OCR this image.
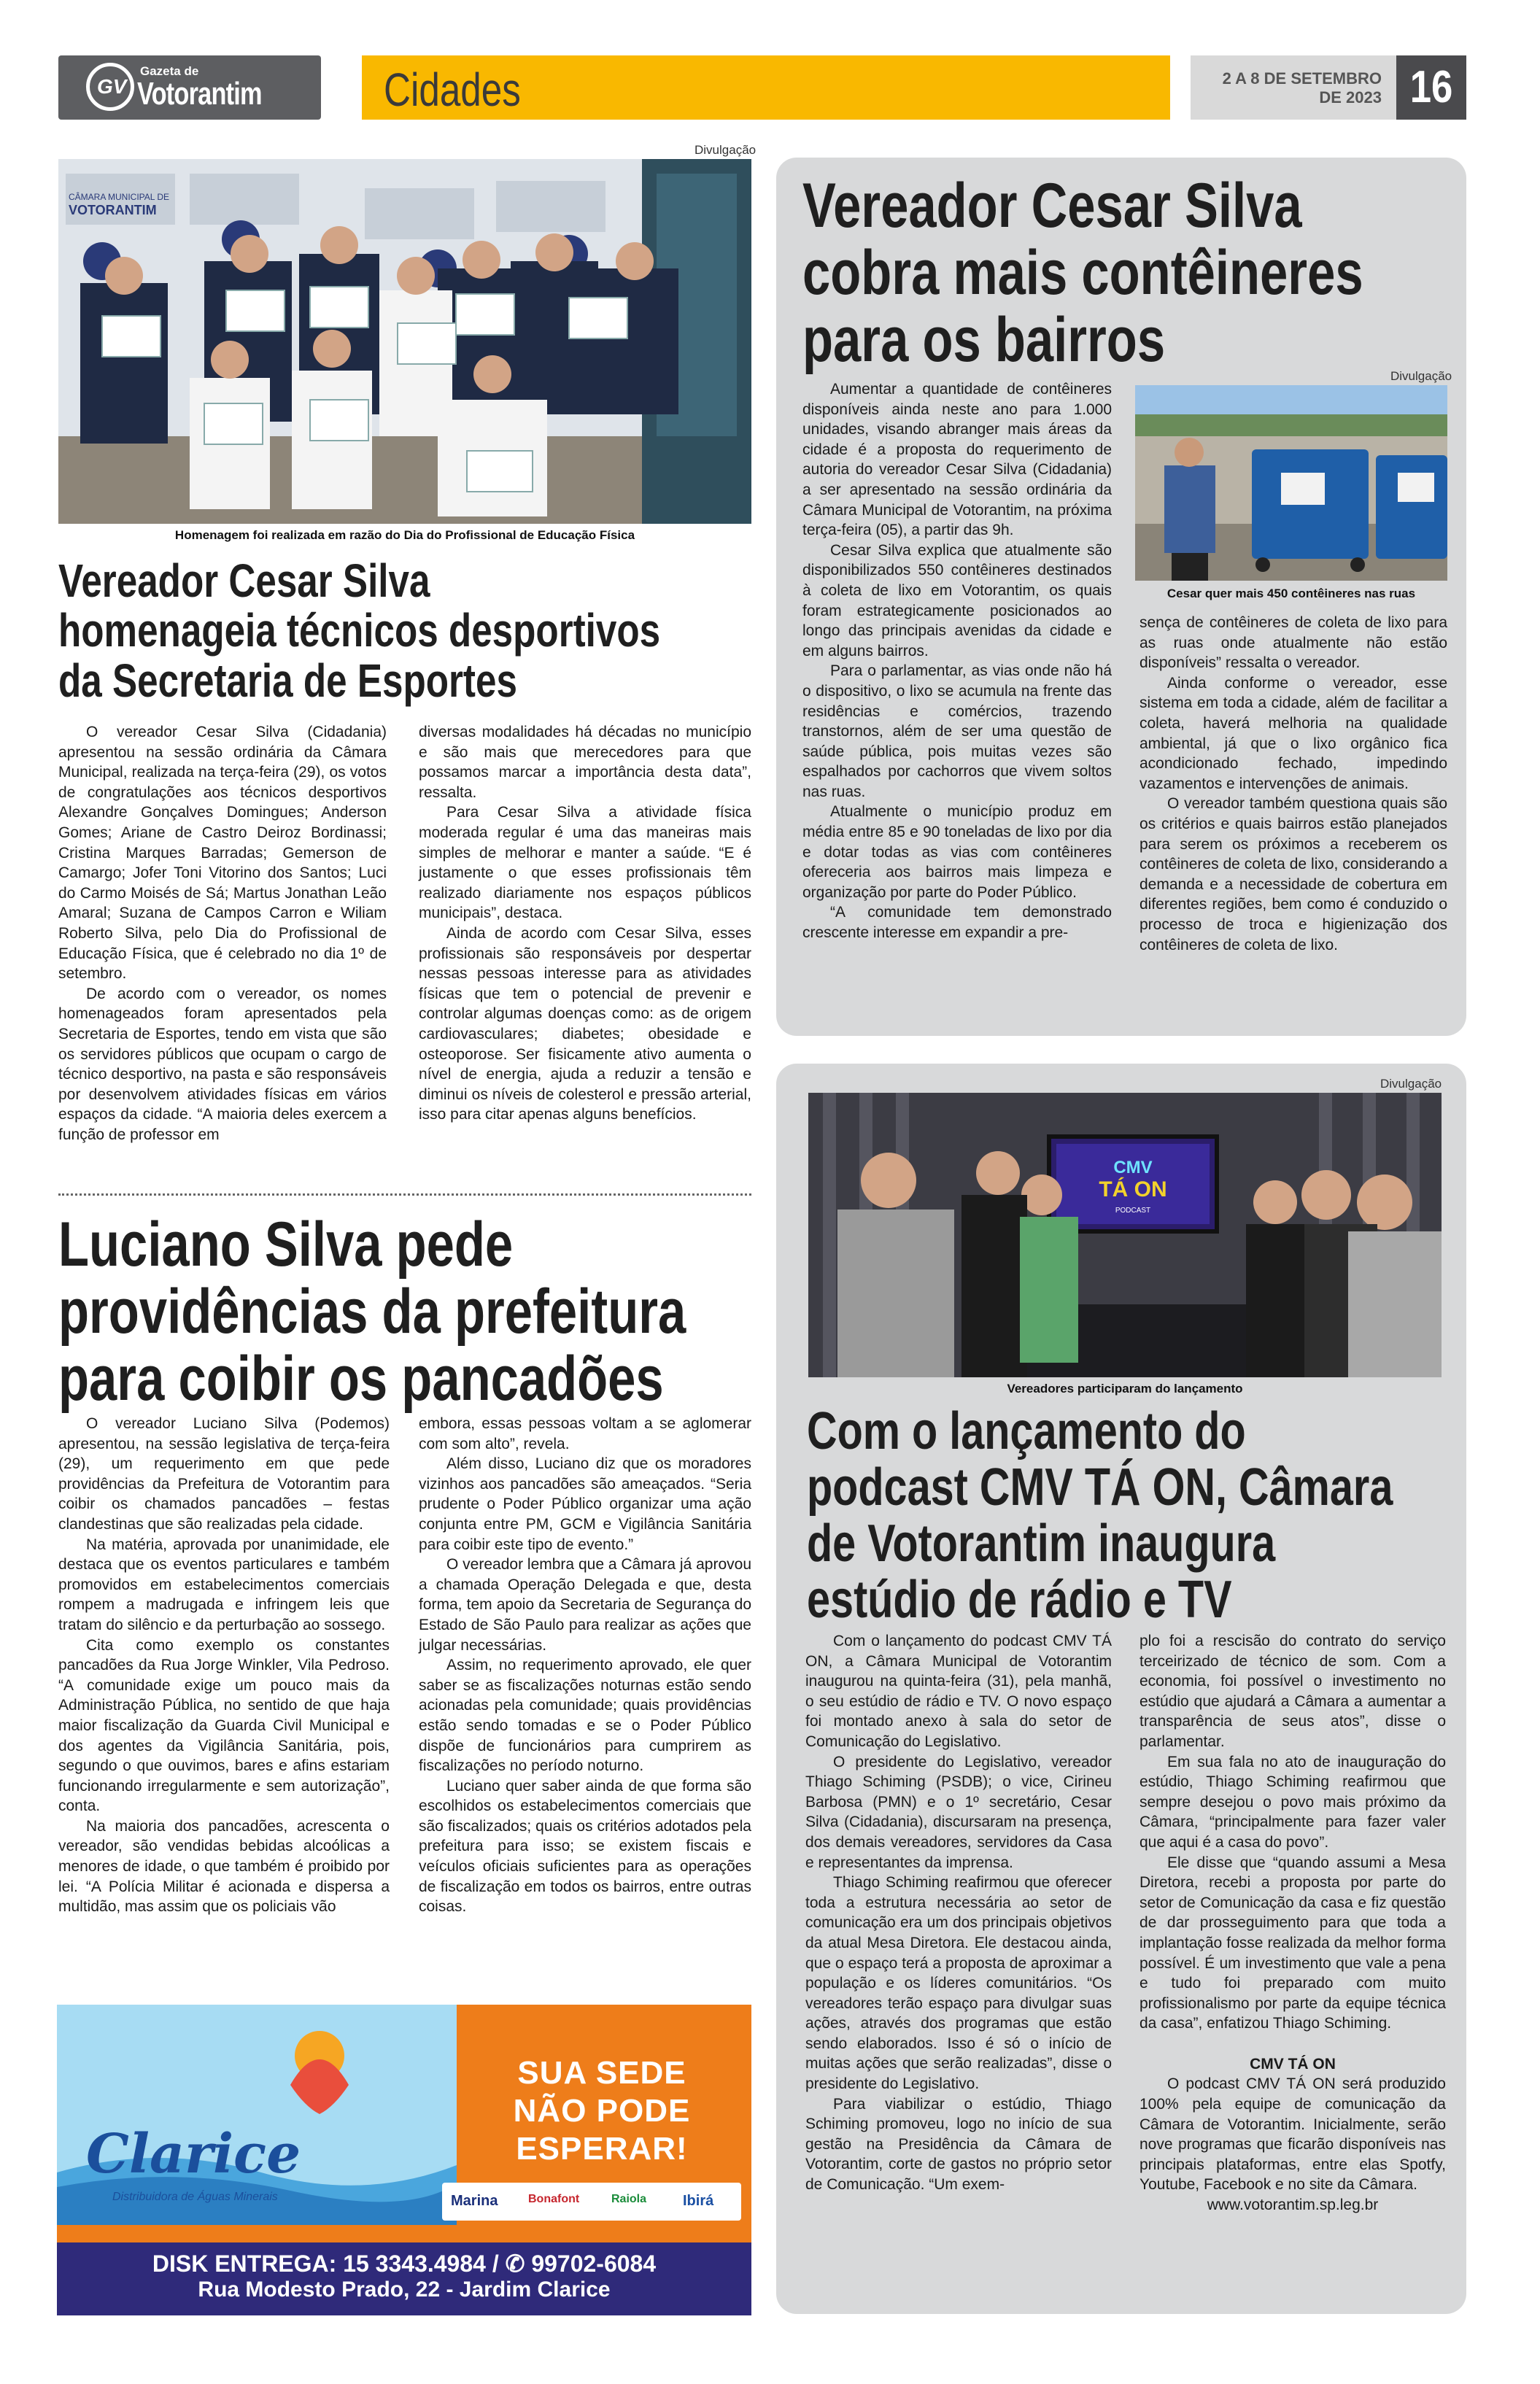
GV
Gazeta de
Votorantim	Cidades	2 A 8 DE SETEMBRO
DE 2023 16
Divulgação
CÂMARA MUNICIPAL DE
VOTORANTIM
Homenagem foi realizada em razão do Dia do Profissional de Educação Física
Vereador Cesar Silva
homenageia técnicos desportivos
da Secretaria de Esportes

O vereador Cesar Silva (Cidadania) apresentou na sessão ordinária da Câmara Municipal, realizada na terça-feira (29), os votos de congratulações aos técnicos desportivos Alexandre Gonçalves Domingues; Anderson Gomes; Ariane de Castro Deiroz Bordinassi; Cristina Marques Barradas; Gemerson de Camargo; Jofer Toni Vitorino dos Santos; Luci do Carmo Moisés de Sá; Martus Jonathan Leão Amaral; Suzana de Campos Carron e Wiliam Roberto Silva, pelo Dia do Profissional de Educação Física, que é celebrado no dia 1º de setembro.

De acordo com o vereador, os nomes homenageados foram apresentados pela Secretaria de Esportes, tendo em vista que são os servidores públicos que ocupam o cargo de técnico desportivo, na pasta e são responsáveis por desenvolvem atividades físicas em vários espaços da cidade. “A maioria deles exercem a função de professor em

diversas modalidades há décadas no município e são mais que merecedores para que possamos marcar a importância desta data”, ressalta.

Para Cesar Silva a atividade física moderada regular é uma das maneiras mais simples de melhorar e manter a saúde. “E é justamente o que esses profissionais têm realizado diariamente nos espaços públicos municipais”, destaca.

Ainda de acordo com Cesar Silva, esses profissionais são responsáveis por despertar nessas pessoas interesse para as atividades físicas que tem o potencial de prevenir e controlar algumas doenças como: as de origem cardiovasculares; diabetes; obesidade e osteoporose. Ser fisicamente ativo aumenta o nível de energia, ajuda a reduzir a tensão e diminui os níveis de colesterol e pressão arterial, isso para citar apenas alguns benefícios.

Vereador Cesar Silva
cobra mais contêineres
para os bairros

Aumentar a quantidade de contêineres disponíveis ainda neste ano para 1.000 unidades, visando abranger mais áreas da cidade é a proposta do requerimento de autoria do vereador Cesar Silva (Cidadania) a ser apresentado na sessão ordinária da Câmara Municipal de Votorantim, na próxima terça-feira (05), a partir das 9h.

Cesar Silva explica que atualmente são disponibilizados 550 contêineres destinados à coleta de lixo em Votorantim, os quais foram estrategicamente posicionados ao longo das principais avenidas da cidade e em alguns bairros.

Para o parlamentar, as vias onde não há o dispositivo, o lixo se acumula na frente das residências e comércios, trazendo transtornos, além de ser uma questão de saúde pública, pois muitas vezes são espalhados por cachorros que vivem soltos nas ruas.

Atualmente o município produz em média entre 85 e 90 toneladas de lixo por dia e dotar todas as vias com contêineres ofereceria aos bairros mais limpeza e organização por parte do Poder Público.

“A comunidade tem demonstrado crescente interesse em expandir a pre-

Divulgação
Cesar quer mais 450 contêineres nas ruas

sença de contêineres de coleta de lixo para as ruas onde atualmente não estão disponíveis” ressalta o vereador.

Ainda conforme o vereador, esse sistema em toda a cidade, além de facilitar a coleta, haverá melhoria na qualidade ambiental, já que o lixo orgânico fica acondicionado fechado, impedindo vazamentos e intervenções de animais.

O vereador também questiona quais são os critérios e quais bairros estão planejados para serem os próximos a receberem os contêineres de coleta de lixo, considerando a demanda e a necessidade de cobertura em diferentes regiões, bem como é conduzido o processo de troca e higienização dos contêineres de coleta de lixo.

Luciano Silva pede
providências da prefeitura
para coibir os pancadões

O vereador Luciano Silva (Podemos) apresentou, na sessão legislativa de terça-feira (29), um requerimento em que pede providências da Prefeitura de Votorantim para coibir os chamados pancadões – festas clandestinas que são realizadas pela cidade.

Na matéria, aprovada por unanimidade, ele destaca que os eventos particulares e também promovidos em estabelecimentos comerciais rompem a madrugada e infringem leis que tratam do silêncio e da perturbação ao sossego.

Cita como exemplo os constantes pancadões da Rua Jorge Winkler, Vila Pedroso. “A comunidade exige um pouco mais da Administração Pública, no sentido de que haja maior fiscalização da Guarda Civil Municipal e dos agentes da Vigilância Sanitária, pois, segundo o que ouvimos, bares e afins estariam funcionando irregularmente e sem autorização”, conta.

Na maioria dos pancadões, acrescenta o vereador, são vendidas bebidas alcoólicas a menores de idade, o que também é proibido por lei. “A Polícia Militar é acionada e dispersa a multidão, mas assim que os policiais vão

embora, essas pessoas voltam a se aglomerar com som alto”, revela.

Além disso, Luciano diz que os moradores vizinhos aos pancadões são ameaçados. “Seria prudente o Poder Público organizar uma ação conjunta entre PM, GCM e Vigilância Sanitária para coibir este tipo de evento.”

O vereador lembra que a Câmara já aprovou a chamada Operação Delegada e que, desta forma, tem apoio da Secretaria de Segurança do Estado de São Paulo para realizar as ações que julgar necessárias.

Assim, no requerimento aprovado, ele quer saber se as fiscalizações noturnas estão sendo acionadas pela comunidade; quais providências estão sendo tomadas e se o Poder Público dispõe de funcionários para cumprirem as fiscalizações no período noturno.

Luciano quer saber ainda de que forma são escolhidos os estabelecimentos comerciais que são fiscalizados; quais os critérios adotados pela prefeitura para isso; se existem fiscais e veículos oficiais suficientes para as operações de fiscalização em todos os bairros, entre outras coisas.

Clarice
Distribuidora de Águas Minerais
SUA SEDE
NÃO PODE
ESPERAR!
Marina	Bonafont	Raiola Ibirá
DISK ENTREGA: 15 3343.4984 / ✆ 99702-6084
Rua Modesto Prado, 22 - Jardim Clarice
Divulgação
CMV
TÁ ON
PODCAST
Vereadores participaram do lançamento
Com o lançamento do
podcast CMV TÁ ON, Câmara
de Votorantim inaugura
estúdio de rádio e TV

Com o lançamento do podcast CMV TÁ ON, a Câmara Municipal de Votorantim inaugurou na quinta-feira (31), pela manhã, o seu estúdio de rádio e TV. O novo espaço foi montado anexo à sala do setor de Comunicação do Legislativo.

O presidente do Legislativo, vereador Thiago Schiming (PSDB); o vice, Cirineu Barbosa (PMN) e o 1º secretário, Cesar Silva (Cidadania), discursaram na presença, dos demais vereadores, servidores da Casa e representantes da imprensa.

Thiago Schiming reafirmou que oferecer toda a estrutura necessária ao setor de comunicação era um dos principais objetivos da atual Mesa Diretora. Ele destacou ainda, que o espaço terá a proposta de aproximar a população e os líderes comunitários. “Os vereadores terão espaço para divulgar suas ações, através dos programas que estão sendo elaborados. Isso é só o início de muitas ações que serão realizadas”, disse o presidente do Legislativo.

Para viabilizar o estúdio, Thiago Schiming promoveu, logo no início de sua gestão na Presidência da Câmara de Votorantim, corte de gastos no próprio setor de Comunicação. “Um exem-

plo foi a rescisão do contrato do serviço terceirizado de técnico de som. Com a economia, foi possível o investimento no estúdio que ajudará a Câmara a aumentar a transparência de seus atos”, disse o parlamentar.

Em sua fala no ato de inauguração do estúdio, Thiago Schiming reafirmou que sempre desejou o povo mais próximo da Câmara, “principalmente para fazer valer que aqui é a casa do povo”.

Ele disse que “quando assumi a Mesa Diretora, recebi a proposta por parte do setor de Comunicação da casa e fiz questão de dar prosseguimento para que toda a implantação fosse realizada da melhor forma possível. É um investimento que vale a pena e tudo foi preparado com muito profissionalismo por parte da equipe técnica da casa”, enfatizou Thiago Schiming.

CMV TÁ ON

O podcast CMV TÁ ON será produzido 100% pela equipe de comunicação da Câmara de Votorantim. Inicialmente, serão nove programas que ficarão disponíveis nas principais plataformas, entre elas Spotfy, Youtube, Facebook e no site da Câmara.

www.votorantim.sp.leg.br
